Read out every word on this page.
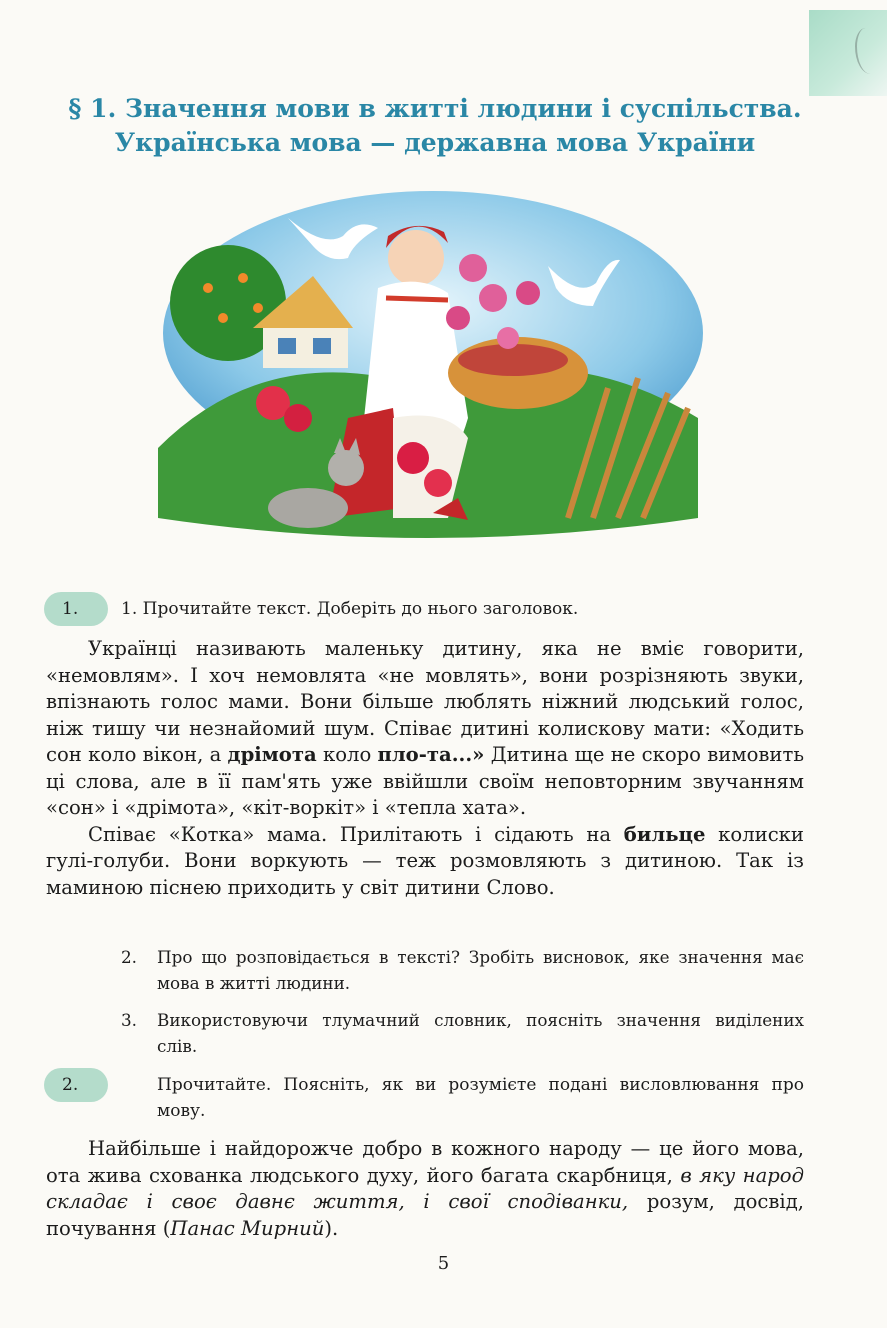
§ 1. Значення мови в житті людини і суспільства.
Українська мова — державна мова України
1.	1. Прочитайте текст. Доберіть до нього заголовок.

Українці називають маленьку дитину, яка не вміє говорити, «немовлям». І хоч немовлята «не мовлять», вони розрізняють звуки, впізнають голос мами. Вони більше люблять ніжний людський голос, ніж тишу чи незнайомий шум. Співає дитині колискову мати: «Ходить сон коло вікон, а дрімота коло пло-та...» Дитина ще не скоро вимовить ці слова, але в її пам'ять уже ввійшли своїм неповторним звучанням «сон» і «дрімота», «кіт-воркіт» і «тепла хата».

Співає «Котка» мама. Прилітають і сідають на бильце колиски гулі-голуби. Вони воркують — теж розмовляють з дитиною. Так із маминою піснею приходить у світ дитини Слово.

2.	Про що розповідається в тексті? Зробіть висновок, яке значення має мова в житті людини.
3.	Використовуючи тлумачний словник, поясніть значення виділених слів.
2.	Прочитайте. Поясніть, як ви розумієте подані висловлювання про мову.

Найбільше і найдорожче добро в кожного народу — це його мова, ота жива схованка людського духу, його багата скарбниця, в яку народ складає і своє давнє життя, і свої сподіванки, розум, досвід, почування (Панас Мирний).

5
